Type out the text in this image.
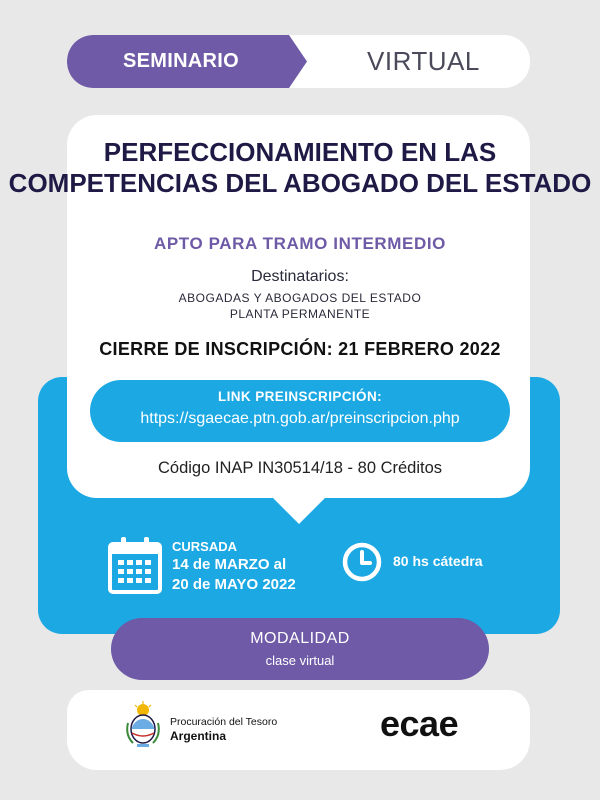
SEMINARIO	VIRTUAL
PERFECCIONAMIENTO EN LAS COMPETENCIAS DEL ABOGADO DEL ESTADO
APTO PARA TRAMO INTERMEDIO
Destinatarios:
ABOGADAS Y ABOGADOS DEL ESTADO
PLANTA PERMANENTE
CIERRE DE INSCRIPCIÓN: 21 FEBRERO 2022
LINK PREINSCRIPCIÓN:
https://sgaecae.ptn.gob.ar/preinscripcion.php
Código INAP IN30514/18 - 80 Créditos
CURSADA
14 de MARZO al
20 de MAYO 2022
80 hs cátedra
MODALIDAD
clase virtual
Procuración del Tesoro
Argentina	ecae
